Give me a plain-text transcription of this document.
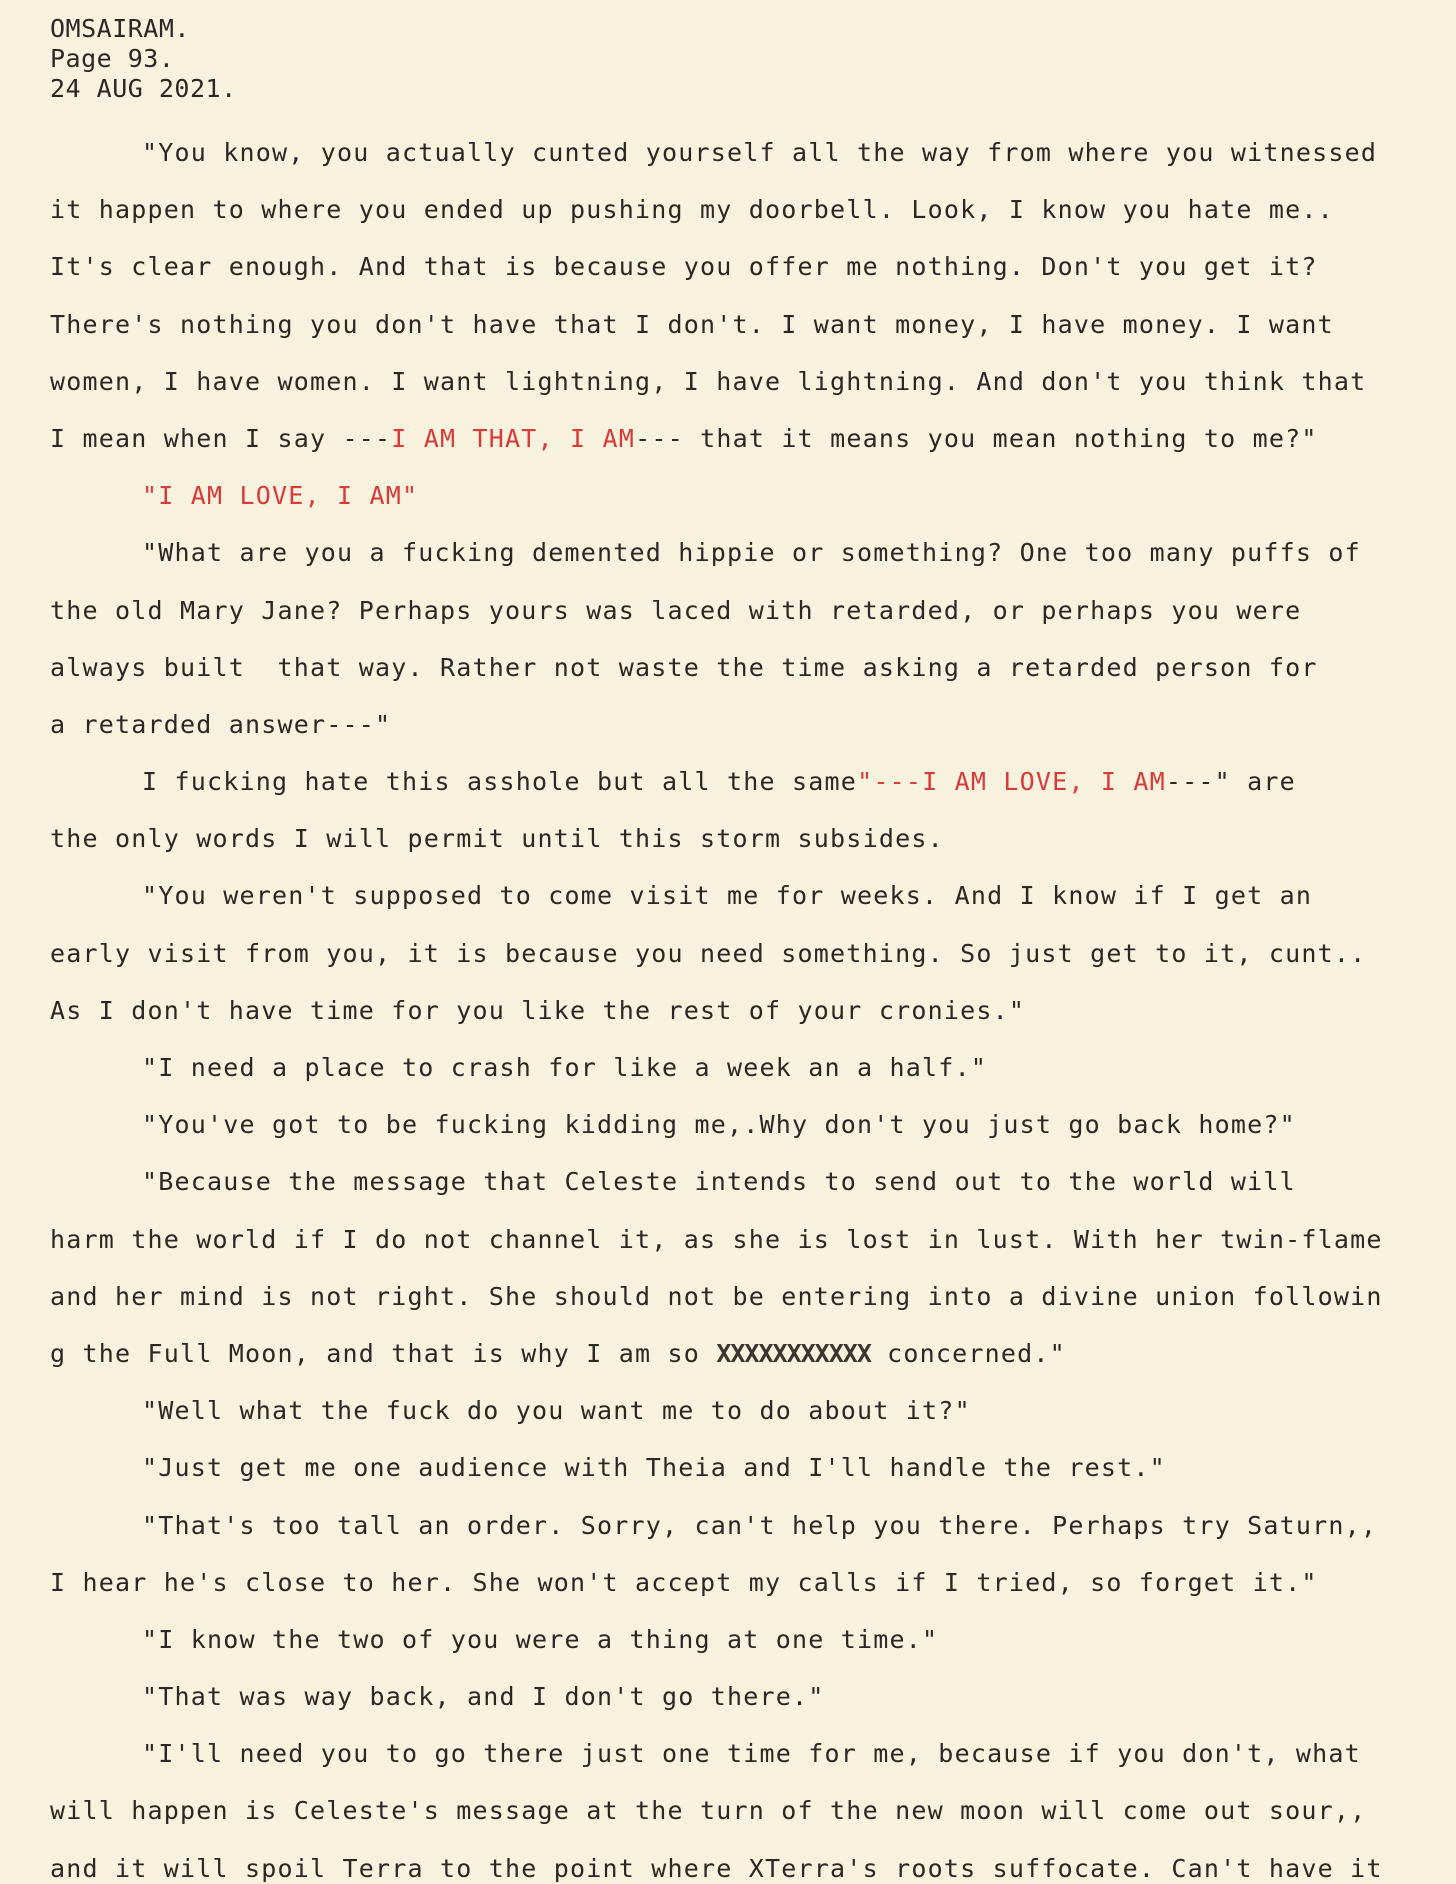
OMSAIRAM.
Page 93.
24 AUG 2021.
"You know, you actually cunted yourself all the way from where you witnessed
it happen to where you ended up pushing my doorbell. Look, I know you hate me..
It's clear enough. And that is because you offer me nothing. Don't you get it?
There's nothing you don't have that I don't. I want money, I have money. I want
women, I have women. I want lightning, I have lightning. And don't you think that
I mean when I say ---I AM THAT, I AM--- that it means you mean nothing to me?"
"I AM LOVE, I AM"
"What are you a fucking demented hippie or something? One too many puffs of
the old Mary Jane? Perhaps yours was laced with retarded, or perhaps you were
always built  that way. Rather not waste the time asking a retarded person for
a retarded answer---"
I fucking hate this asshole but all the same"---I AM LOVE, I AM---" are
the only words I will permit until this storm subsides.
"You weren't supposed to come visit me for weeks. And I know if I get an
early visit from you, it is because you need something. So just get to it, cunt..
As I don't have time for you like the rest of your cronies."
"I need a place to crash for like a week an a half."
"You've got to be fucking kidding me,.Why don't you just go back home?"
"Because the message that Celeste intends to send out to the world will
harm the world if I do not channel it, as she is lost in lust. With her twin-flame
and her mind is not right. She should not be entering into a divine union followin
g the Full Moon, and that is why I am so XXXXXXXXXXX concerned."
"Well what the fuck do you want me to do about it?"
"Just get me one audience with Theia and I'll handle the rest."
"That's too tall an order. Sorry, can't help you there. Perhaps try Saturn,,
I hear he's close to her. She won't accept my calls if I tried, so forget it."
"I know the two of you were a thing at one time."
"That was way back, and I don't go there."
"I'll need you to go there just one time for me, because if you don't, what
will happen is Celeste's message at the turn of the new moon will come out sour,,
and it will spoil Terra to the point where XTerra's roots suffocate. Can't have it
